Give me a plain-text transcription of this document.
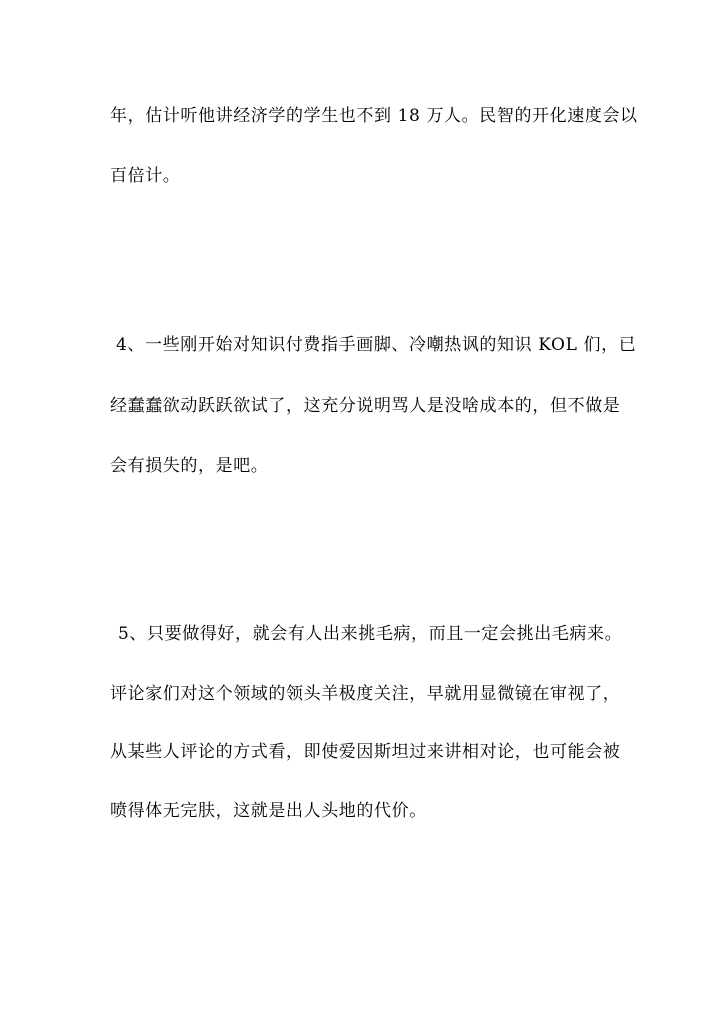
年，估计听他讲经济学的学生也不到 18 万人。民智的开化速度会以
百倍计。
4、一些刚开始对知识付费指手画脚、冷嘲热讽的知识 KOL 们，已
经蠢蠢欲动跃跃欲试了，这充分说明骂人是没啥成本的，但不做是
会有损失的，是吧。
5、只要做得好，就会有人出来挑毛病，而且一定会挑出毛病来。
评论家们对这个领域的领头羊极度关注，早就用显微镜在审视了，
从某些人评论的方式看，即使爱因斯坦过来讲相对论，也可能会被
喷得体无完肤，这就是出人头地的代价。
